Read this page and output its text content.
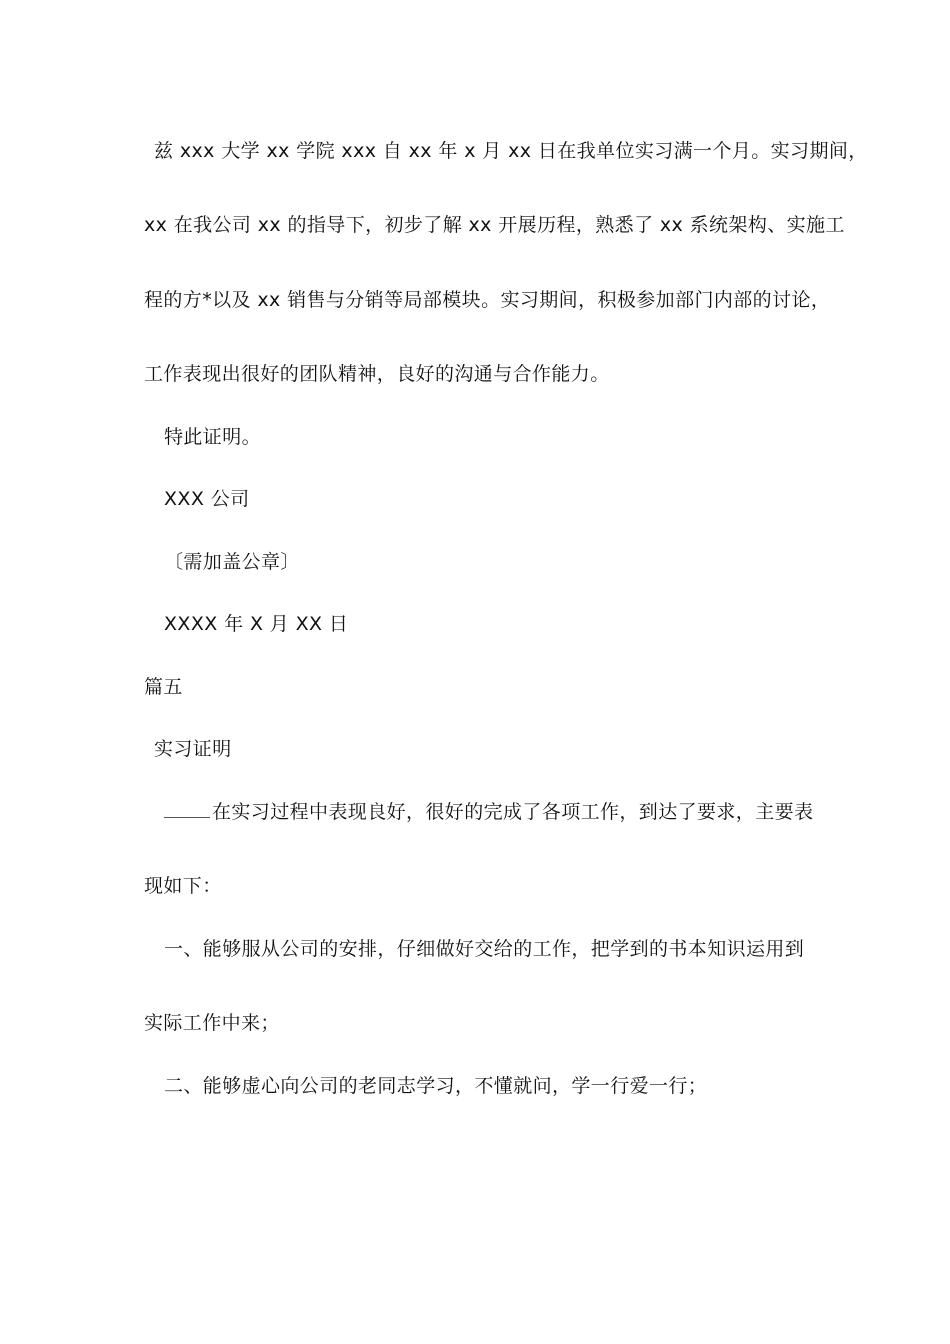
兹 xxx 大学 xx 学院 xxx 自 xx 年 x 月 xx 日在我单位实习满一个月。实习期间，
xx 在我公司 xx 的指导下，初步了解 xx 开展历程，熟悉了 xx 系统架构、实施工
程的方*以及 xx 销售与分销等局部模块。实习期间，积极参加部门内部的讨论，
工作表现出很好的团队精神，良好的沟通与合作能力。
特此证明。
XXX 公司
〔需加盖公章〕
XXXX 年 X 月 XX 日
篇五
实习证明
在实习过程中表现良好，很好的完成了各项工作，到达了要求，主要表
现如下：
一、能够服从公司的安排，仔细做好交给的工作，把学到的书本知识运用到
实际工作中来；
二、能够虚心向公司的老同志学习，不懂就问，学一行爱一行；
